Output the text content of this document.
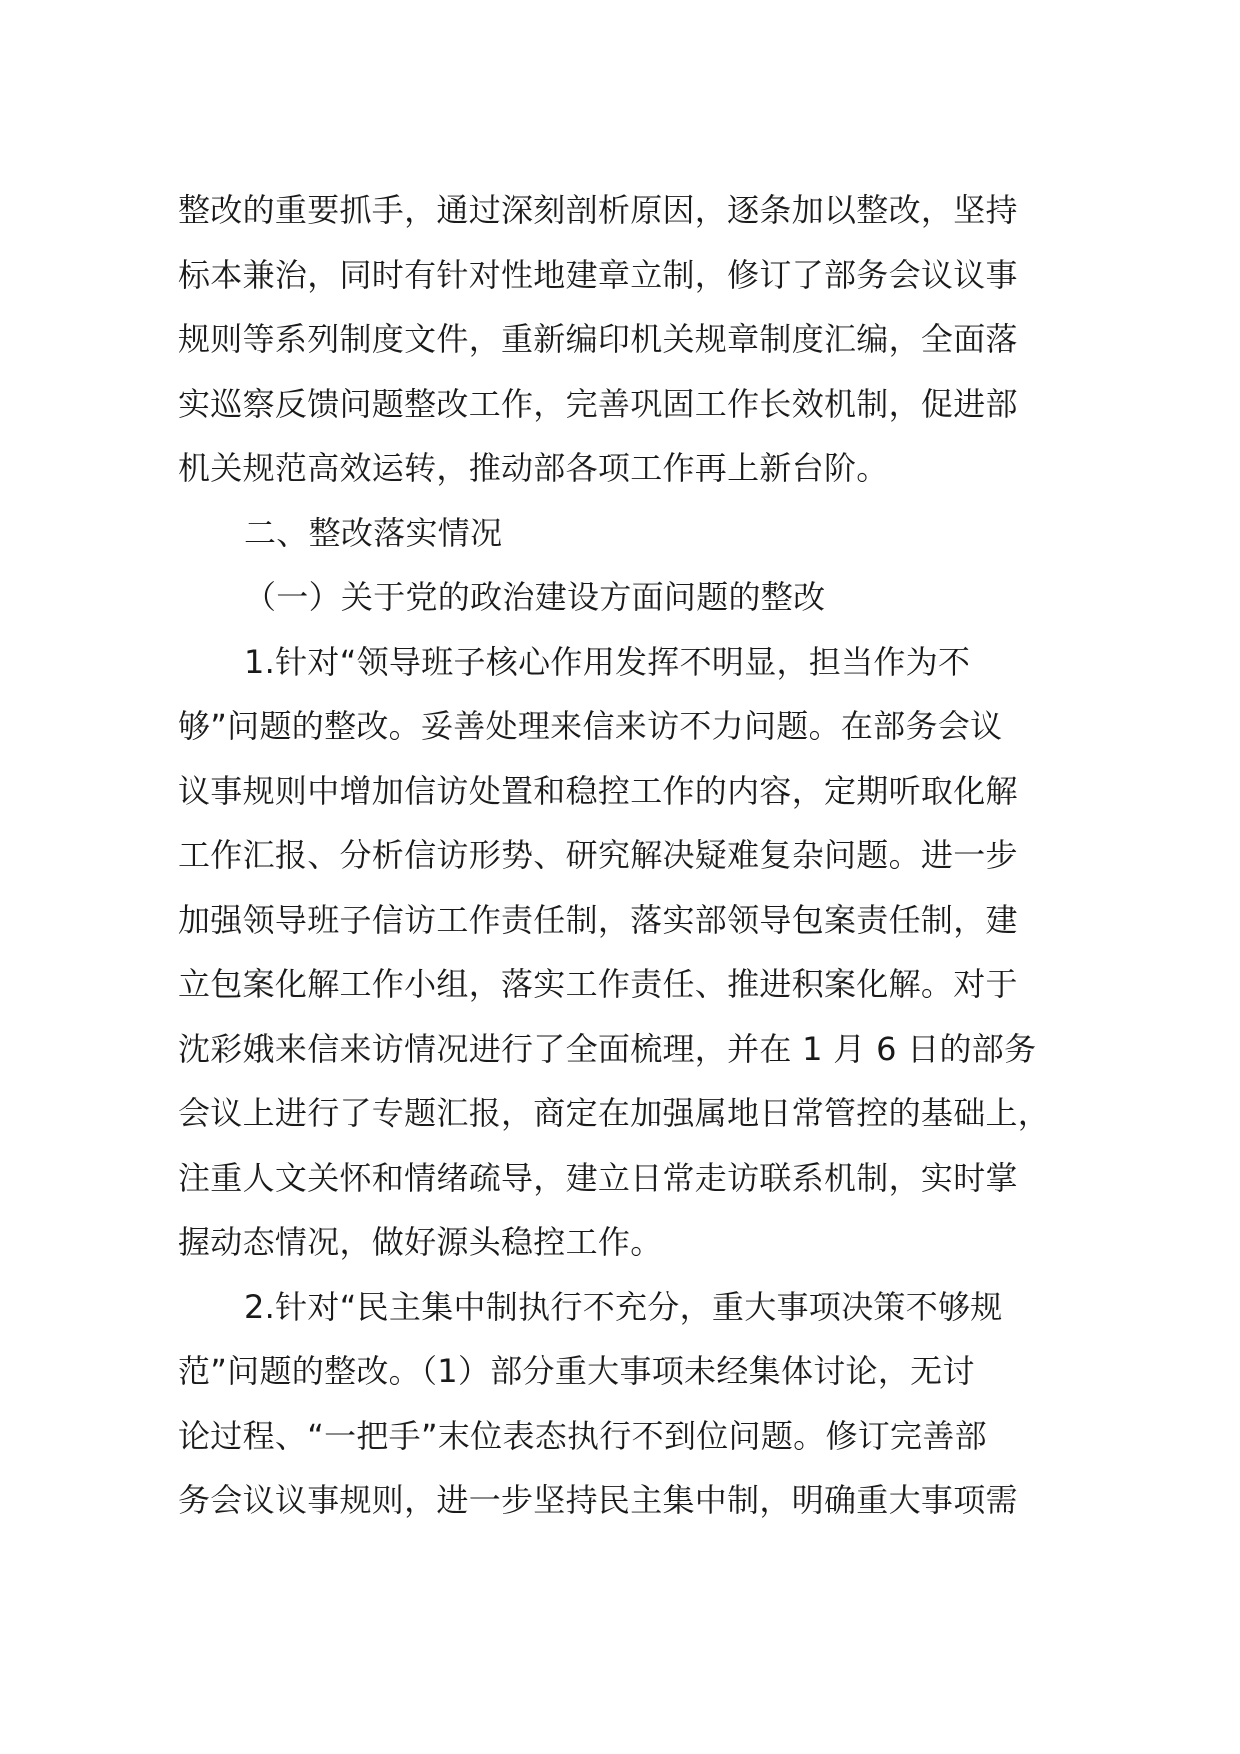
整改的重要抓手，通过深刻剖析原因，逐条加以整改，坚持
标本兼治，同时有针对性地建章立制，修订了部务会议议事
规则等系列制度文件，重新编印机关规章制度汇编，全面落
实巡察反馈问题整改工作，完善巩固工作长效机制，促进部
机关规范高效运转，推动部各项工作再上新台阶。
二、整改落实情况
（一）关于党的政治建设方面问题的整改
1.针对“领导班子核心作用发挥不明显，担当作为不
够”问题的整改。妥善处理来信来访不力问题。在部务会议
议事规则中增加信访处置和稳控工作的内容，定期听取化解
工作汇报、分析信访形势、研究解决疑难复杂问题。进一步
加强领导班子信访工作责任制，落实部领导包案责任制，建
立包案化解工作小组，落实工作责任、推进积案化解。对于
沈彩娥来信来访情况进行了全面梳理，并在 1 月 6 日的部务
会议上进行了专题汇报，商定在加强属地日常管控的基础上，
注重人文关怀和情绪疏导，建立日常走访联系机制，实时掌
握动态情况，做好源头稳控工作。
2.针对“民主集中制执行不充分，重大事项决策不够规
范”问题的整改。（1）部分重大事项未经集体讨论，无讨
论过程、“一把手”末位表态执行不到位问题。修订完善部
务会议议事规则，进一步坚持民主集中制，明确重大事项需
